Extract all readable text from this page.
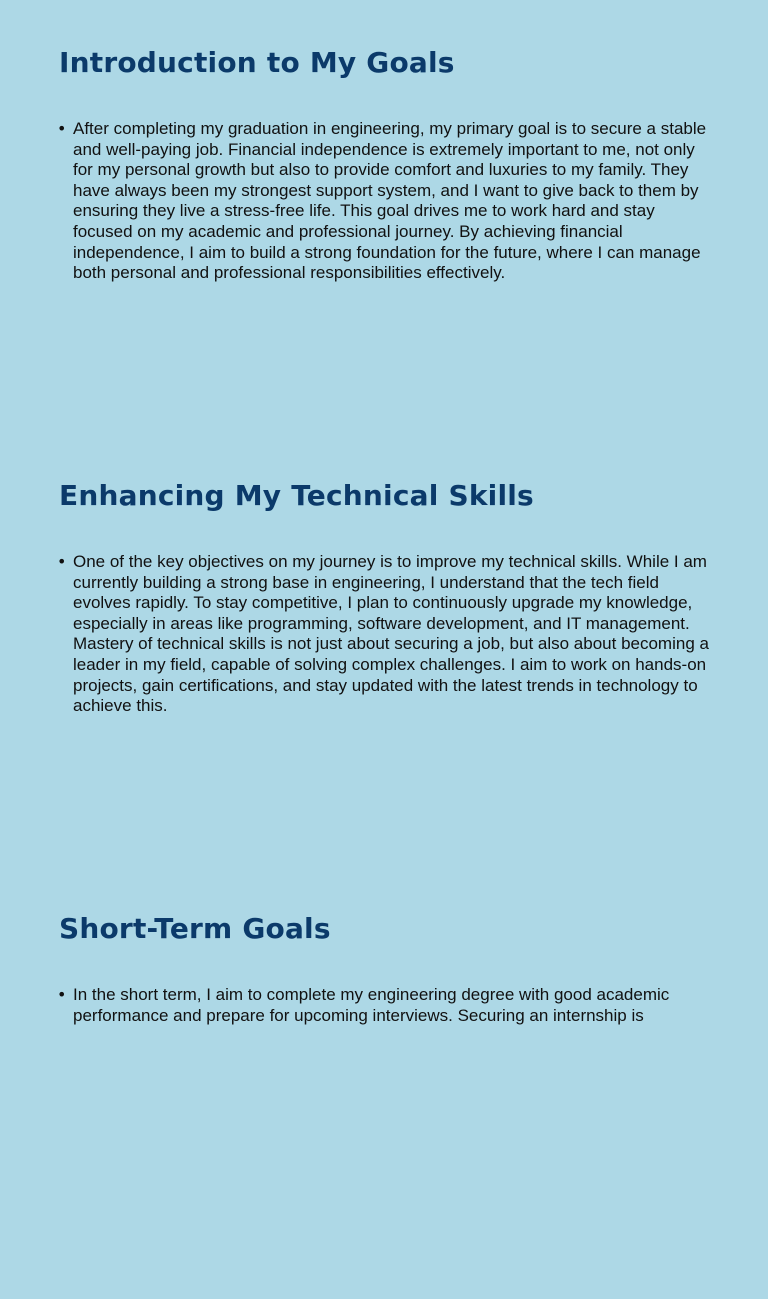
Introduction to My Goals
• After completing my graduation in engineering, my primary goal is to secure a stable and well-paying job. Financial independence is extremely important to me, not only for my personal growth but also to provide comfort and luxuries to my family. They have always been my strongest support system, and I want to give back to them by ensuring they live a stress-free life. This goal drives me to work hard and stay focused on my academic and professional journey. By achieving financial independence, I aim to build a strong foundation for the future, where I can manage both personal and professional responsibilities effectively.

Enhancing My Technical Skills
• One of the key objectives on my journey is to improve my technical skills. While I am currently building a strong base in engineering, I understand that the tech field evolves rapidly. To stay competitive, I plan to continuously upgrade my knowledge, especially in areas like programming, software development, and IT management. Mastery of technical skills is not just about securing a job, but also about becoming a leader in my field, capable of solving complex challenges. I aim to work on hands-on projects, gain certifications, and stay updated with the latest trends in technology to achieve this.

Short-Term Goals
• In the short term, I aim to complete my engineering degree with good academic performance and prepare for upcoming interviews. Securing an internship is
